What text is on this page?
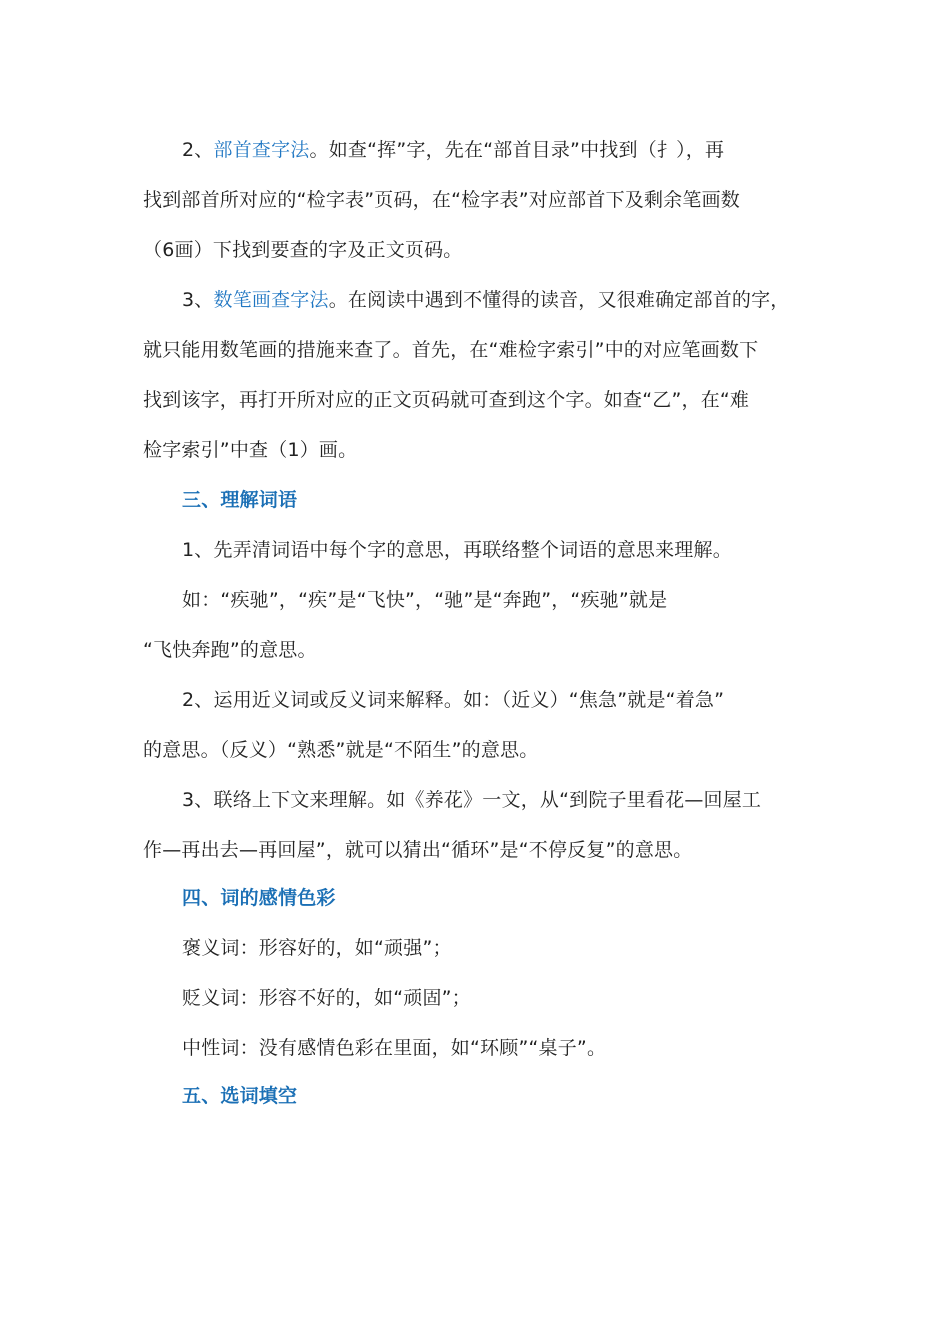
2、部首查字法。如查“挥”字，先在“部首目录”中找到（扌），再
找到部首所对应的“检字表”页码，在“检字表”对应部首下及剩余笔画数
（6画）下找到要查的字及正文页码。
3、数笔画查字法。在阅读中遇到不懂得的读音，又很难确定部首的字，
就只能用数笔画的措施来查了。首先，在“难检字索引”中的对应笔画数下
找到该字，再打开所对应的正文页码就可查到这个字。如查“乙”，在“难
检字索引”中查（1）画。
三、理解词语
1、先弄清词语中每个字的意思，再联络整个词语的意思来理解。
如：“疾驰”，“疾”是“飞快”，“驰”是“奔跑”，“疾驰”就是
“飞快奔跑”的意思。
2、运用近义词或反义词来解释。如：（近义）“焦急”就是“着急”
的意思。（反义）“熟悉”就是“不陌生”的意思。
3、联络上下文来理解。如《养花》一文，从“到院子里看花—回屋工
作—再出去—再回屋”，就可以猜出“循环”是“不停反复”的意思。
四、词的感情色彩
褒义词：形容好的，如“顽强”；
贬义词：形容不好的，如“顽固”；
中性词：没有感情色彩在里面，如“环顾”“桌子”。
五、选词填空
